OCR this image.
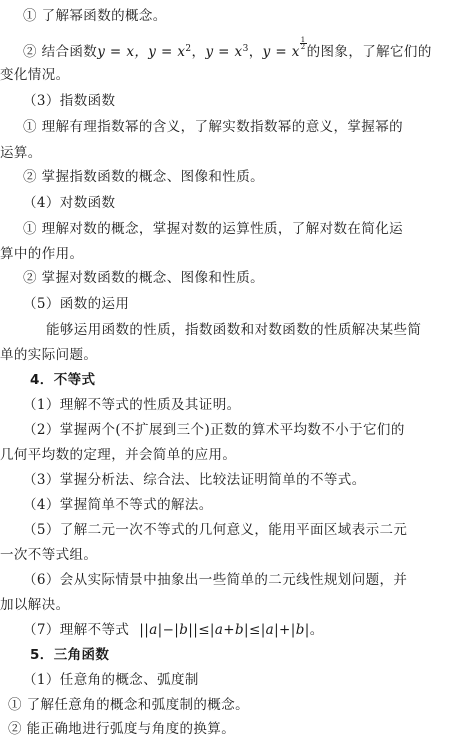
① 了解幂函数的概念。
② 结合函数y = x，$y = x^2$，$y = x^3$，y = x
$\frac{1}{2}$
的图象，了解它们的
变化情况。
（3）指数函数
① 理解有理指数幂的含义，了解实数指数幂的意义，掌握幂的
运算。
② 掌握指数函数的概念、图像和性质。
（4）对数函数
① 理解对数的概念，掌握对数的运算性质，了解对数在简化运
算中的作用。
② 掌握对数函数的概念、图像和性质。
（5）函数的运用
能够运用函数的性质，指数函数和对数函数的性质解决某些简
单的实际问题。
4．不等式
（1）理解不等式的性质及其证明。
（2）掌握两个(不扩展到三个)正数的算术平均数不小于它们的
几何平均数的定理，并会简单的应用。
（3）掌握分析法、综合法、比较法证明简单的不等式。
（4）掌握简单不等式的解法。
（5）了解二元一次不等式的几何意义，能用平面区域表示二元
一次不等式组。
（6）会从实际情景中抽象出一些简单的二元线性规划问题，并
加以解决。
（7）理解不等式 ||a|−|b||≤|a+b|≤|a|+|b|。
5．三角函数
（1）任意角的概念、弧度制
① 了解任意角的概念和弧度制的概念。
② 能正确地进行弧度与角度的换算。
